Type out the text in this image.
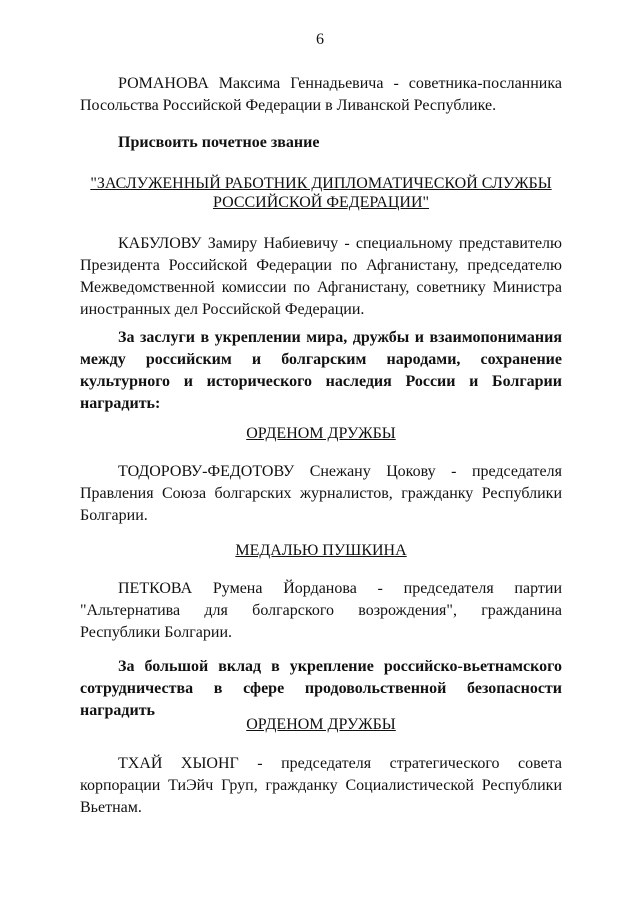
6
РОМАНОВА Максима Геннадьевича - советника-посланника Посольства Российской Федерации в Ливанской Республике.
Присвоить почетное звание
"ЗАСЛУЖЕННЫЙ РАБОТНИК ДИПЛОМАТИЧЕСКОЙ СЛУЖБЫ
РОССИЙСКОЙ ФЕДЕРАЦИИ"
КАБУЛОВУ Замиру Набиевичу - специальному представителю Президента Российской Федерации по Афганистану, председателю Межведомственной комиссии по Афганистану, советнику Министра иностранных дел Российской Федерации.
За заслуги в укреплении мира, дружбы и взаимопонимания между российским и болгарским народами, сохранение культурного и исторического наследия России и Болгарии наградить:
ОРДЕНОМ ДРУЖБЫ
ТОДОРОВУ-ФЕДОТОВУ Снежану Цокову - председателя Правления Союза болгарских журналистов, гражданку Республики Болгарии.
МЕДАЛЬЮ ПУШКИНА
ПЕТКОВА Румена Йорданова - председателя партии "Альтернатива для болгарского возрождения", гражданина Республики Болгарии.
За большой вклад в укрепление российско-вьетнамского сотрудничества в сфере продовольственной безопасности наградить
ОРДЕНОМ ДРУЖБЫ
ТХАЙ ХЫОНГ - председателя стратегического совета корпорации ТиЭйч Груп, гражданку Социалистической Республики Вьетнам.
